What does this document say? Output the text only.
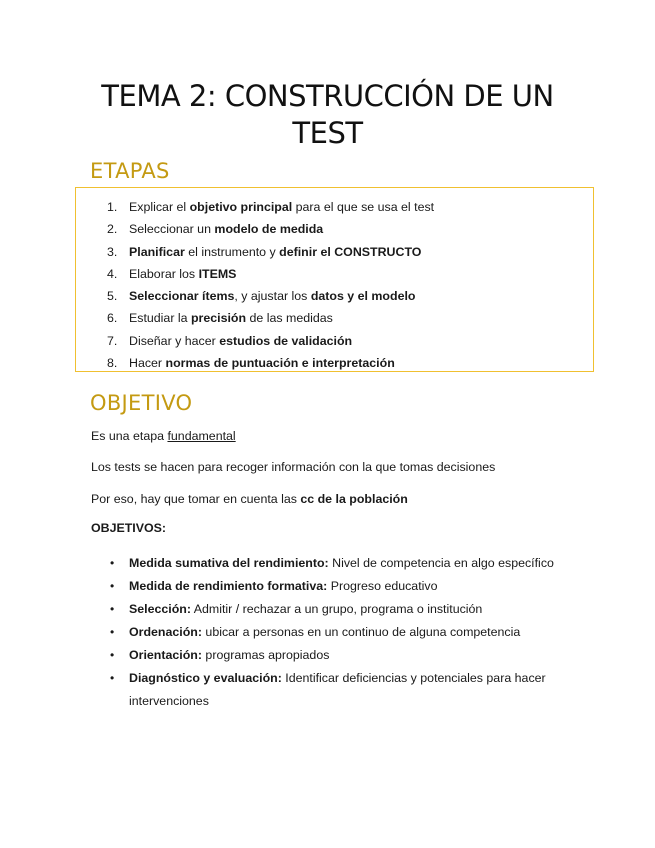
TEMA 2: CONSTRUCCIÓN DE UN
TEST
ETAPAS
1. Explicar el objetivo principal para el que se usa el test
2. Seleccionar un modelo de medida
3. Planificar el instrumento y definir el CONSTRUCTO
4. Elaborar los ITEMS
5. Seleccionar ítems, y ajustar los datos y el modelo
6. Estudiar la precisión de las medidas
7. Diseñar y hacer estudios de validación
8. Hacer normas de puntuación e interpretación
OBJETIVO
Es una etapa fundamental
Los tests se hacen para recoger información con la que tomas decisiones
Por eso, hay que tomar en cuenta las cc de la población
OBJETIVOS:
• Medida sumativa del rendimiento: Nivel de competencia en algo específico
• Medida de rendimiento formativa: Progreso educativo
• Selección: Admitir / rechazar a un grupo, programa o institución
• Ordenación: ubicar a personas en un continuo de alguna competencia
• Orientación: programas apropiados
• Diagnóstico y evaluación: Identificar deficiencias y potenciales para hacer intervenciones
